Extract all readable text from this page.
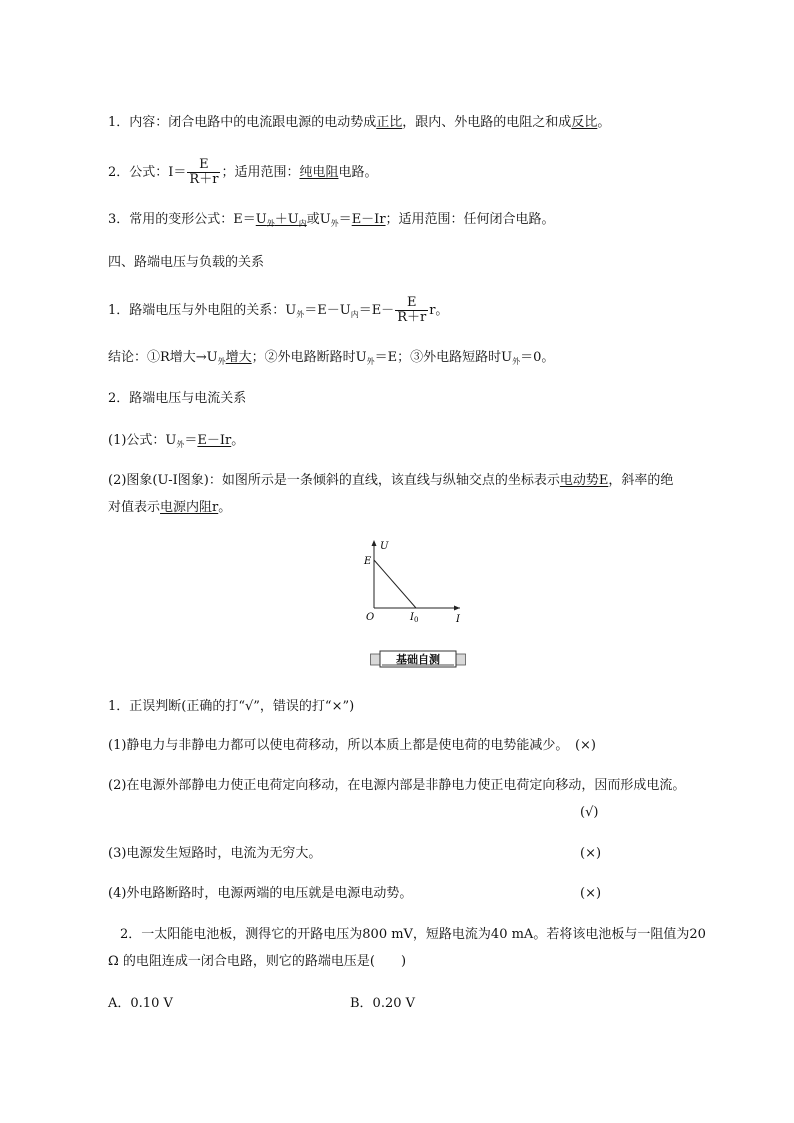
1．内容：闭合电路中的电流跟电源的电动势成正比，跟内、外电路的电阻之和成反比。
2．公式：$I= \frac{E}{R+r}$ ；适用范围：纯电阻电路。
3．常用的变形公式：$E=U_外+U_内$或$U_外=E-Ir$；适用范围：任何闭合电路。
四、路端电压与负载的关系
1．路端电压与外电阻的关系：$U_外=E-U_内=E- \frac{E}{R+r}$ r。
结论：①R增大$\to U_外$增大；②外电路断路时$U_外=E$；③外电路短路时$U_外=0$。
2．路端电压与电流关系
(1)公式：$U_外=E-Ir$。
(2)图象(U-I图象)：如图所示是一条倾斜的直线，该直线与纵轴交点的坐标表示电动势E，斜率的绝
对值表示电源内阻r。
U
E
O	$I_0$	I
基础自测
1．正误判断(正确的打“√”，错误的打“×”)
(1)静电力与非静电力都可以使电荷移动，所以本质上都是使电荷的电势能减少。　 (×)
(2)在电源外部静电力使正电荷定向移动，在电源内部是非静电力使正电荷定向移动，因而形成电流。
(√)
(3)电源发生短路时，电流为无穷大。	(×)
(4)外电路断路时，电源两端的电压就是电源电动势。	(×)
2．一太阳能电池板，测得它的开路电压为800 mV，短路电流为40 mA。若将该电池板与一阻值为20
Ω 的电阻连成一闭合电路，则它的路端电压是(　　)
A．0.10 V	B．0.20 V
